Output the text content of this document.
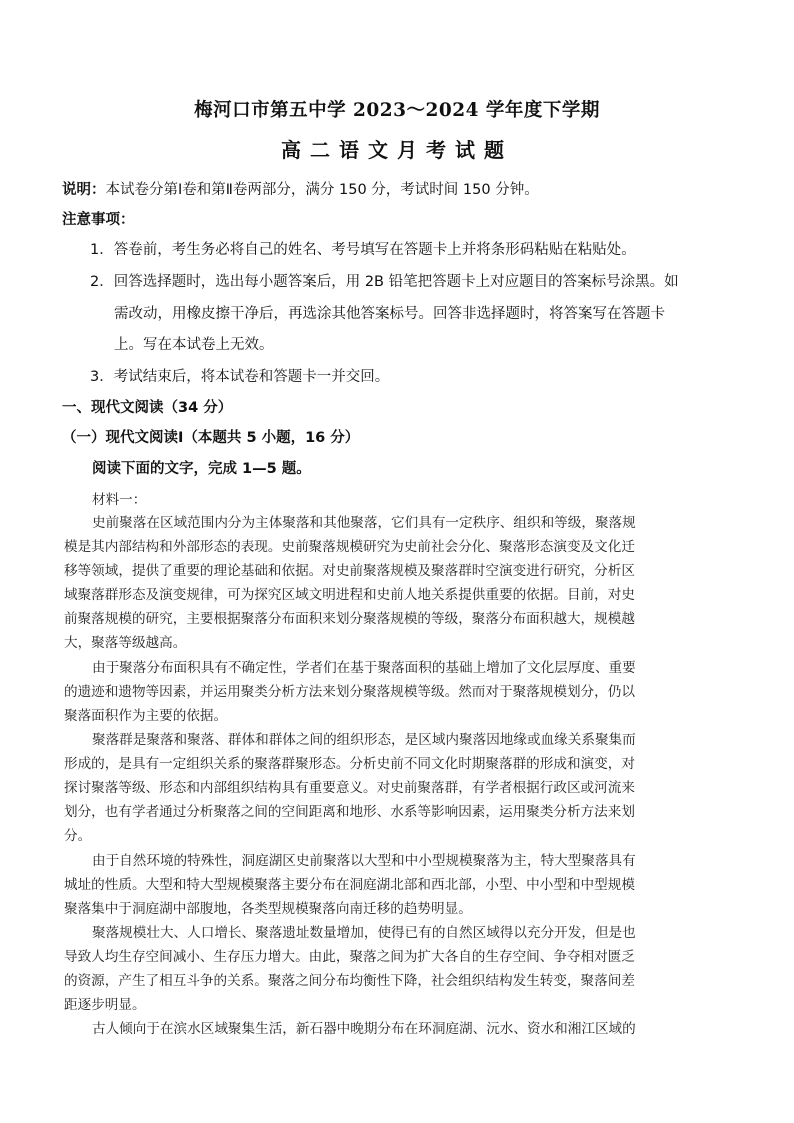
梅河口市第五中学 2023～2024 学年度下学期
高二语文月考试题
说明：本试卷分第Ⅰ卷和第Ⅱ卷两部分，满分 150 分，考试时间 150 分钟。
注意事项：
1．答卷前，考生务必将自己的姓名、考号填写在答题卡上并将条形码粘贴在粘贴处。
2．回答选择题时，选出每小题答案后，用 2B 铅笔把答题卡上对应题目的答案标号涂黑。如
需改动，用橡皮擦干净后，再选涂其他答案标号。回答非选择题时，将答案写在答题卡
上。写在本试卷上无效。
3．考试结束后，将本试卷和答题卡一并交回。
一、现代文阅读（34 分）
（一）现代文阅读Ⅰ（本题共 5 小题，16 分）
阅读下面的文字，完成 1—5 题。
材料一：
史前聚落在区域范围内分为主体聚落和其他聚落，它们具有一定秩序、组织和等级，聚落规
模是其内部结构和外部形态的表现。史前聚落规模研究为史前社会分化、聚落形态演变及文化迁
移等领域，提供了重要的理论基础和依据。对史前聚落规模及聚落群时空演变进行研究，分析区
域聚落群形态及演变规律，可为探究区域文明进程和史前人地关系提供重要的依据。目前，对史
前聚落规模的研究，主要根据聚落分布面积来划分聚落规模的等级，聚落分布面积越大，规模越
大，聚落等级越高。
由于聚落分布面积具有不确定性，学者们在基于聚落面积的基础上增加了文化层厚度、重要
的遗迹和遗物等因素，并运用聚类分析方法来划分聚落规模等级。然而对于聚落规模划分，仍以
聚落面积作为主要的依据。
聚落群是聚落和聚落、群体和群体之间的组织形态，是区域内聚落因地缘或血缘关系聚集而
形成的，是具有一定组织关系的聚落群聚形态。分析史前不同文化时期聚落群的形成和演变，对
探讨聚落等级、形态和内部组织结构具有重要意义。对史前聚落群，有学者根据行政区或河流来
划分，也有学者通过分析聚落之间的空间距离和地形、水系等影响因素，运用聚类分析方法来划
分。
由于自然环境的特殊性，洞庭湖区史前聚落以大型和中小型规模聚落为主，特大型聚落具有
城址的性质。大型和特大型规模聚落主要分布在洞庭湖北部和西北部，小型、中小型和中型规模
聚落集中于洞庭湖中部腹地，各类型规模聚落向南迁移的趋势明显。
聚落规模壮大、人口增长、聚落遗址数量增加，使得已有的自然区域得以充分开发，但是也
导致人均生存空间减小、生存压力增大。由此，聚落之间为扩大各自的生存空间、争夺相对匮乏
的资源，产生了相互斗争的关系。聚落之间分布均衡性下降，社会组织结构发生转变，聚落间差
距逐步明显。
古人倾向于在滨水区域聚集生活，新石器中晚期分布在环洞庭湖、沅水、资水和湘江区域的
